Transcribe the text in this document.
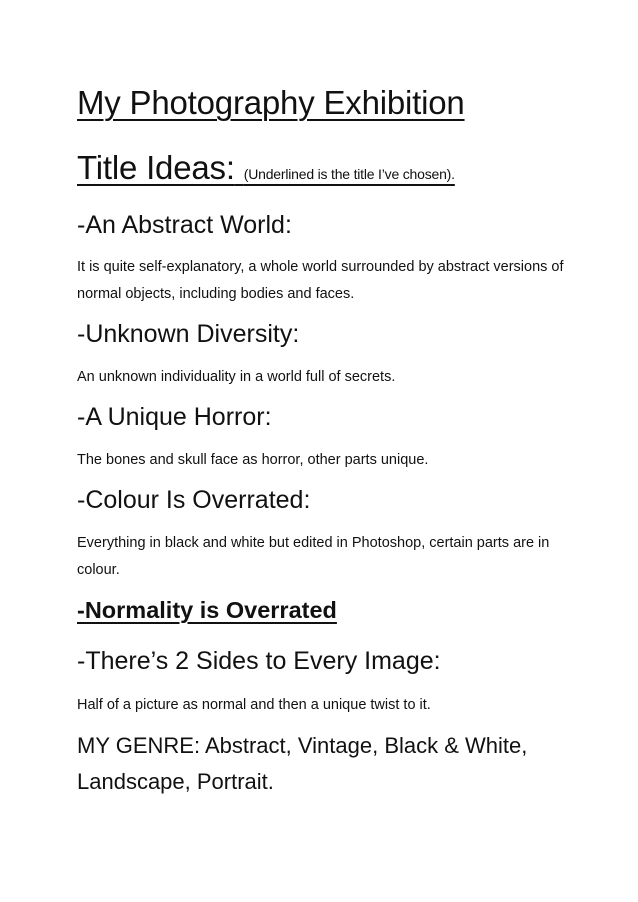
My Photography Exhibition
Title Ideas: (Underlined is the title I’ve chosen).
-An Abstract World:
It is quite self-explanatory, a whole world surrounded by abstract versions of normal objects, including bodies and faces.
-Unknown Diversity:
An unknown individuality in a world full of secrets.
-A Unique Horror:
The bones and skull face as horror, other parts unique.
-Colour Is Overrated:
Everything in black and white but edited in Photoshop, certain parts are in colour.
-Normality is Overrated
-There’s 2 Sides to Every Image:
Half of a picture as normal and then a unique twist to it.
MY GENRE: Abstract, Vintage, Black & White, Landscape, Portrait.
